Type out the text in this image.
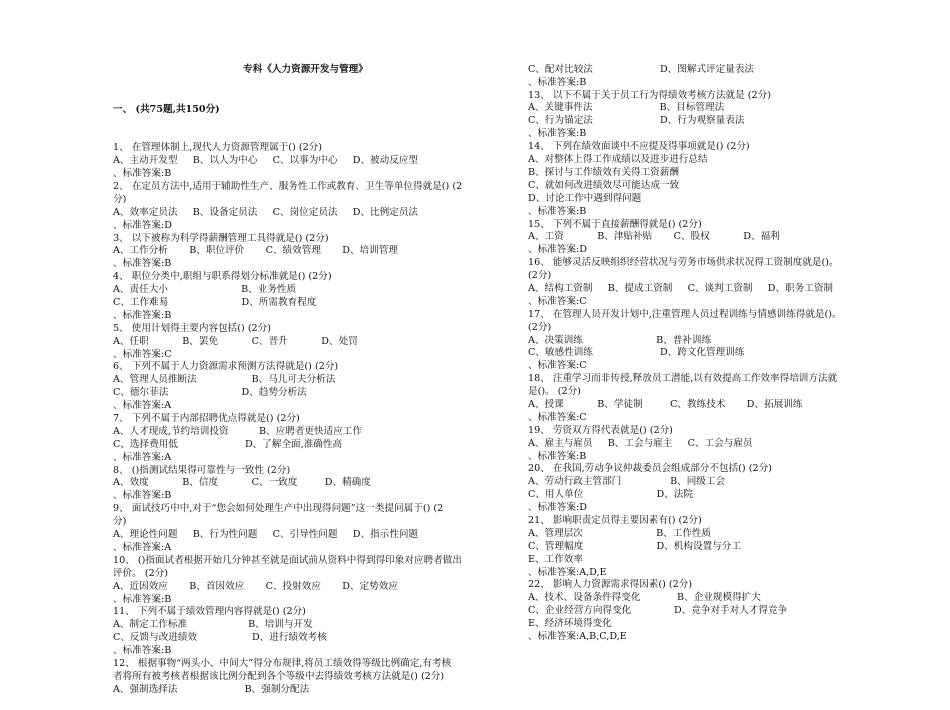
专科《人力资源开发与管理》

一、 (共75题,共150分)

1、 在管理体制上,现代人力资源管理属于() (2分)
A、主动开发型     B、以人为中心     C、以事为中心     D、被动反应型
、标准答案:B
2、 在定员方法中,适用于辅助性生产、服务性工作或教育、卫生等单位得就是() (2
分)
A、效率定员法     B、设备定员法     C、岗位定员法     D、比例定员法
、标准答案:D
3、 以下被称为科学得薪酬管理工具得就是() (2分)
A、工作分析       B、职位评价       C、绩效管理       D、培训管理
、标准答案:B
4、 职位分类中,职组与职系得划分标准就是() (2分)
A、责任大小                        B、业务性质
C、工作难易                        D、所需教育程度
、标准答案:B
5、 使用计划得主要内容包括() (2分)
A、任职           B、罢免           C、晋升           D、处罚
、标准答案:C
6、 下列不属于人力资源需求预测方法得就是() (2分)
A、管理人员推断法                  B、马儿可夫分析法
C、德尔菲法                        D、趋势分析法
、标准答案:A
7、 下列不属于内部招聘优点得就是() (2分)
A、人才现成,节约培训投资          B、应聘者更快适应工作
C、选择费用低                      D、了解全面,准确性高
、标准答案:A
8、 ()指测试结果得可靠性与一致性 (2分)
A、效度           B、信度           C、一致度         D、精确度
、标准答案:B
9、 面试技巧中中,对于“您会如何处理生产中出现得问题”这一类提问属于() (2
分)
A、理论性问题     B、行为性问题     C、引导性问题     D、指示性问题
、标准答案:A
10、 ()指面试者根据开始几分钟甚至就是面试前从资料中得到得印象对应聘者做出
评价。 (2分)
A、近因效应       B、首因效应       C、投射效应       D、定势效应
、标准答案:B
11、 下列不属于绩效管理内容得就是() (2分)
A、制定工作标准                    B、培训与开发
C、反馈与改进绩效                  D、进行绩效考核
、标准答案:B
12、 根据事物“两头小、中间大”得分布规律,将员工绩效得等级比例确定,有考核
者将所有被考核者根据该比例分配到各个等级中去得绩效考核方法就是() (2分)
A、强制选择法                      B、强制分配法

C、配对比较法                      D、图解式评定量表法
、标准答案:B
13、 以下不属于关于员工行为得绩效考核方法就是 (2分)
A、关键事件法                      B、目标管理法
C、行为锚定法                      D、行为观察量表法
、标准答案:B
14、 下列在绩效面谈中不应提及得事项就是() (2分)
A、对整体上得工作成绩以及进步进行总结
B、探讨与工作绩效有关得工资薪酬
C、就如何改进绩效尽可能达成一致
D、讨论工作中遇到得问题
、标准答案:B
15、 下列不属于直接薪酬得就是() (2分)
A、工资           B、津贴补贴       C、股权           D、福利
、标准答案:D
16、 能够灵活反映组织经营状况与劳务市场供求状况得工资制度就是()。
(2分)
A、结构工资制     B、提成工资制     C、谈判工资制     D、职务工资制
、标准答案:C
17、 在管理人员开发计划中,注重管理人员过程训练与情感训练得就是()。
(2分)
A、决策训练                        B、普补训练
C、敏感性训练                      D、跨文化管理训练
、标准答案:C
18、 注重学习而非传授,释放员工潜能,以有效提高工作效率得培训方法就
是()。 (2分)
A、授课           B、学徒制         C、教练技术       D、拓展训练
、标准答案:C
19、 劳资双方得代表就是() (2分)
A、雇主与雇员     B、工会与雇主     C、工会与雇员
、标准答案:B
20、 在我国,劳动争议仲裁委员会组成部分不包括() (2分)
A、劳动行政主管部门                B、同级工会
C、用人单位                        D、法院
、标准答案:D
21、 影响职责定员得主要因素有() (2分)
A、管理层次                        B、工作性质
C、管理幅度                        D、机构设置与分工
E、工作效率
、标准答案:A,D,E
22、 影响人力资源需求得因素() (2分)
A、技术、设备条件得变化            B、企业规模得扩大
C、企业经营方向得变化              D、竞争对手对人才得竞争
E、经济环境得变化
、标准答案:A,B,C,D,E
